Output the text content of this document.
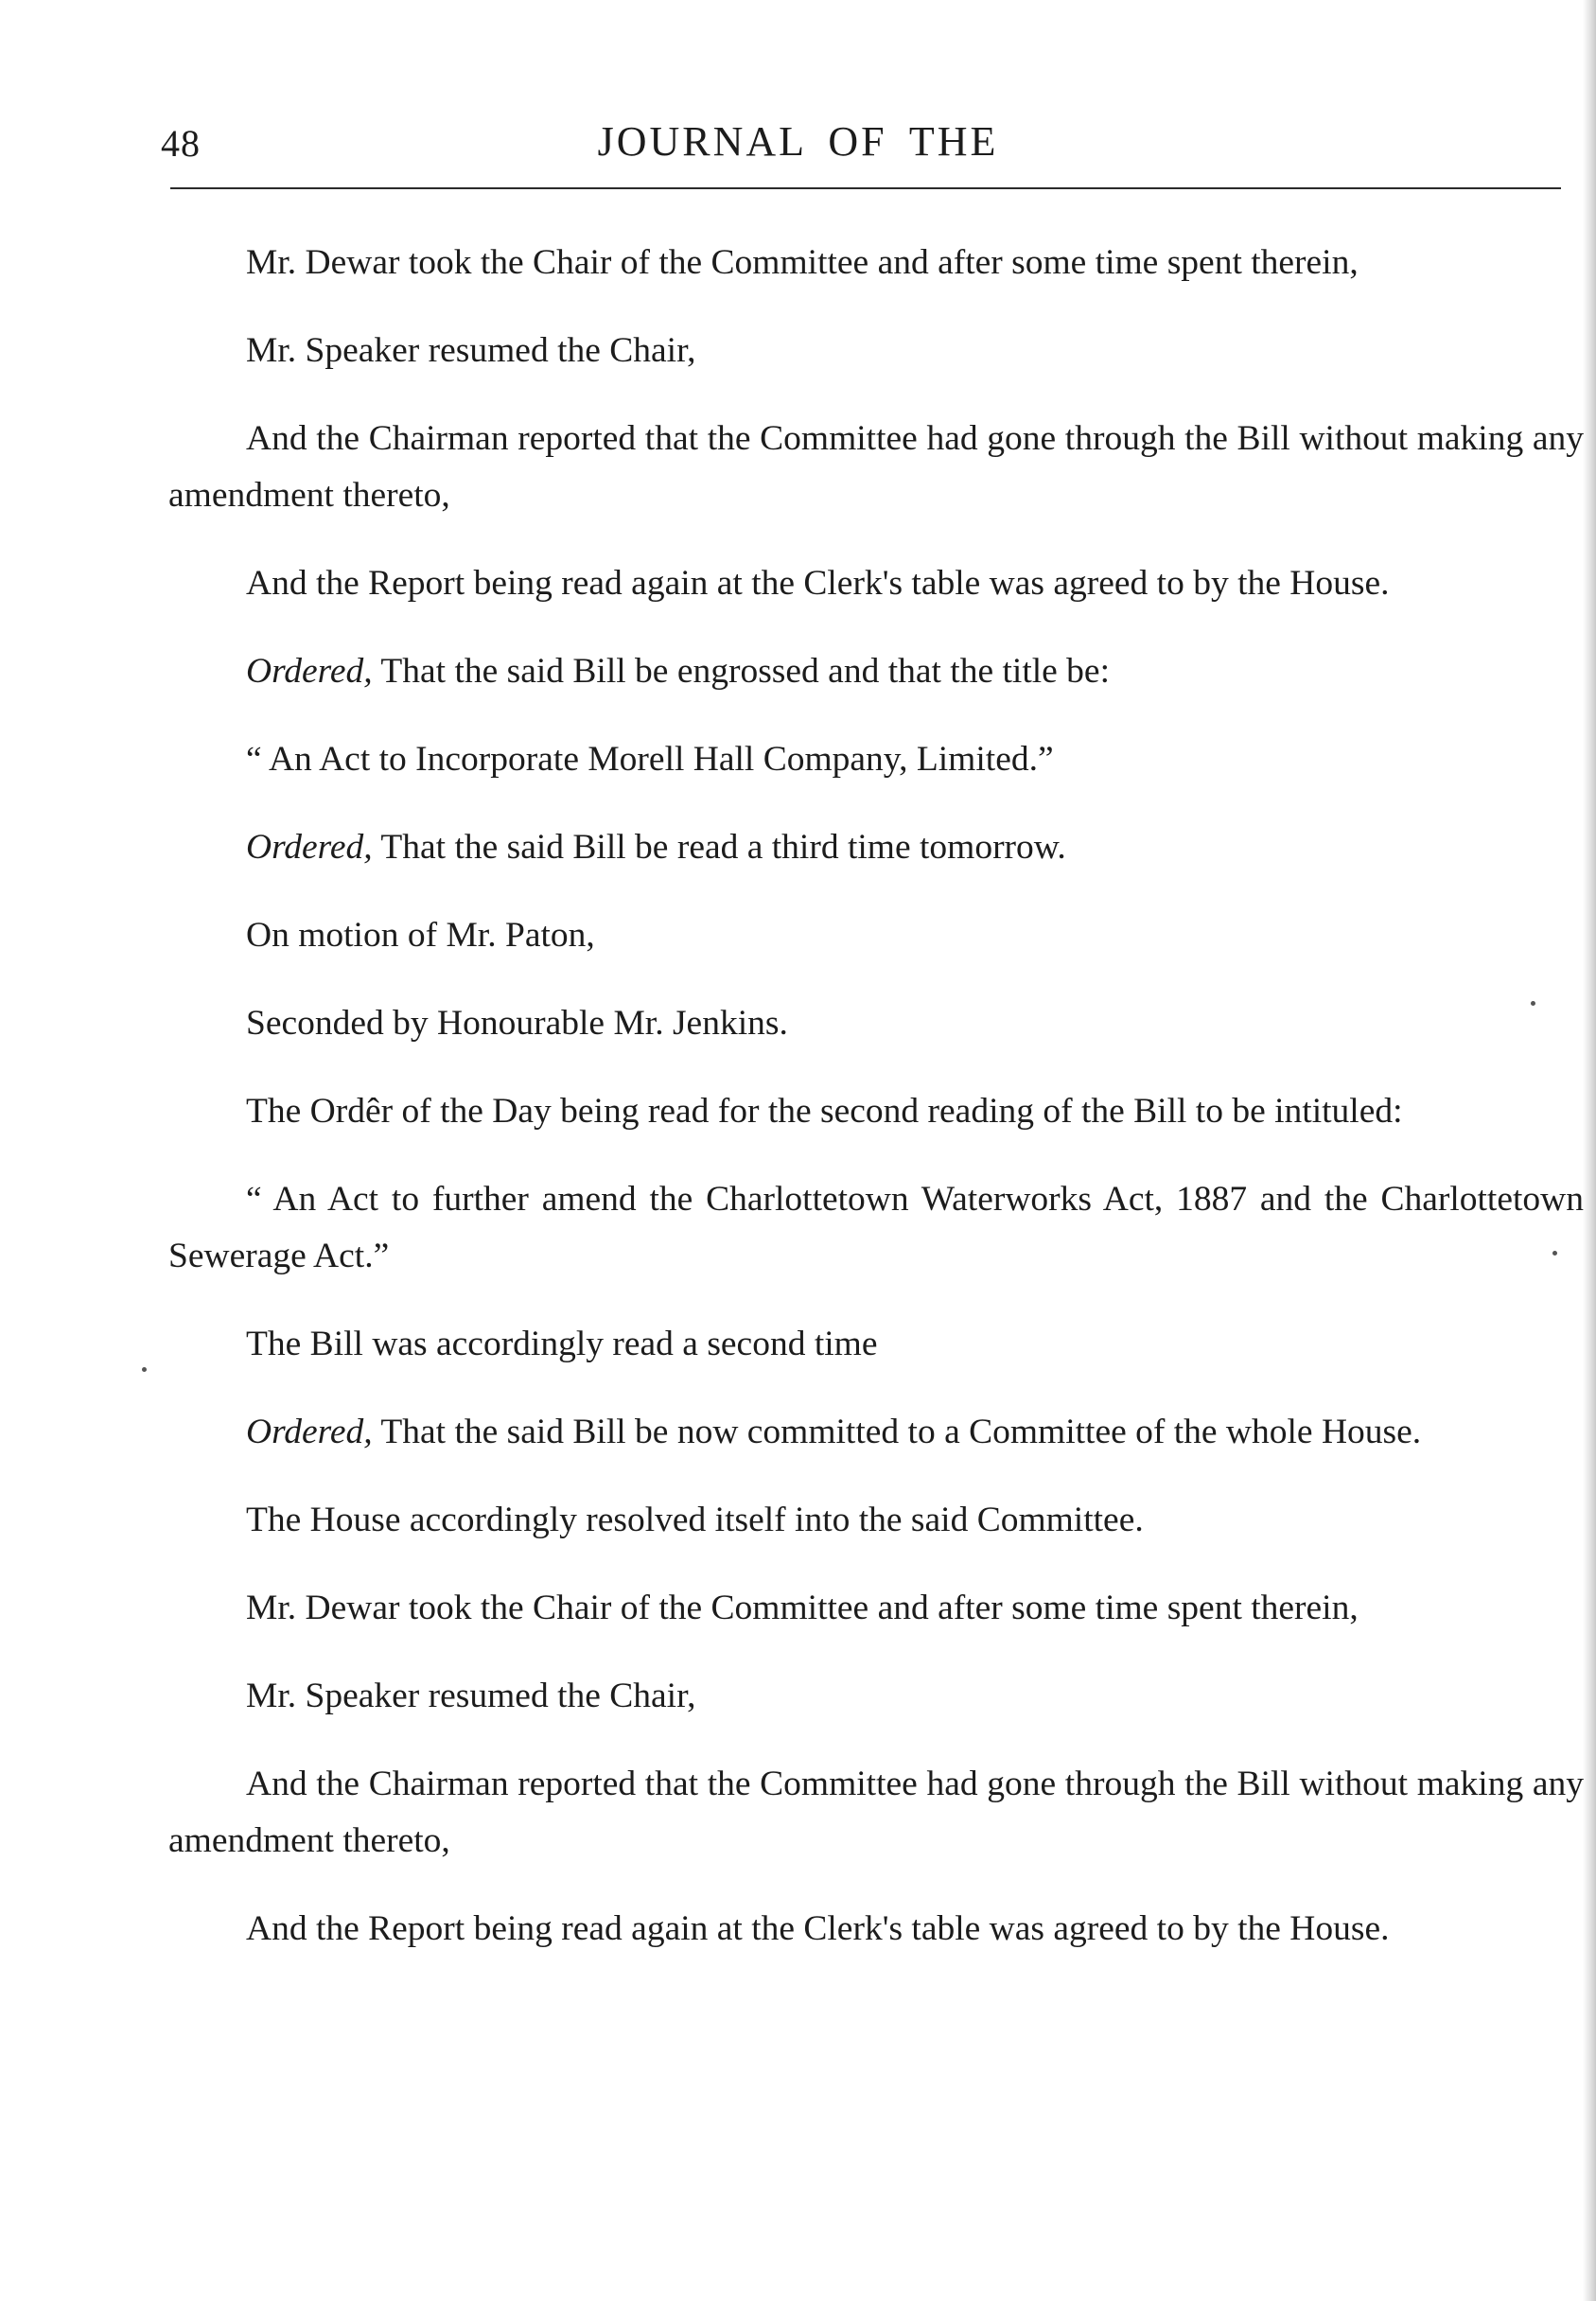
48	JOURNAL OF THE

Mr. Dewar took the Chair of the Committee and after some time spent therein,

Mr. Speaker resumed the Chair,

And the Chairman reported that the Committee had gone through the Bill without making any amendment thereto,

And the Report being read again at the Clerk's table was agreed to by the House.

Ordered, That the said Bill be engrossed and that the title be:

“ An Act to Incorporate Morell Hall Company, Limited.”

Ordered, That the said Bill be read a third time tomorrow.

On motion of Mr. Paton,

Seconded by Honourable Mr. Jenkins.

The Ordêr of the Day being read for the second reading of the Bill to be intituled:

“ An Act to further amend the Charlottetown Waterworks Act, 1887 and the Charlottetown Sewerage Act.”

The Bill was accordingly read a second time

Ordered, That the said Bill be now committed to a Committee of the whole House.

The House accordingly resolved itself into the said Committee.

Mr. Dewar took the Chair of the Committee and after some time spent therein,

Mr. Speaker resumed the Chair,

And the Chairman reported that the Committee had gone through the Bill without making any amendment thereto,

And the Report being read again at the Clerk's table was agreed to by the House.
